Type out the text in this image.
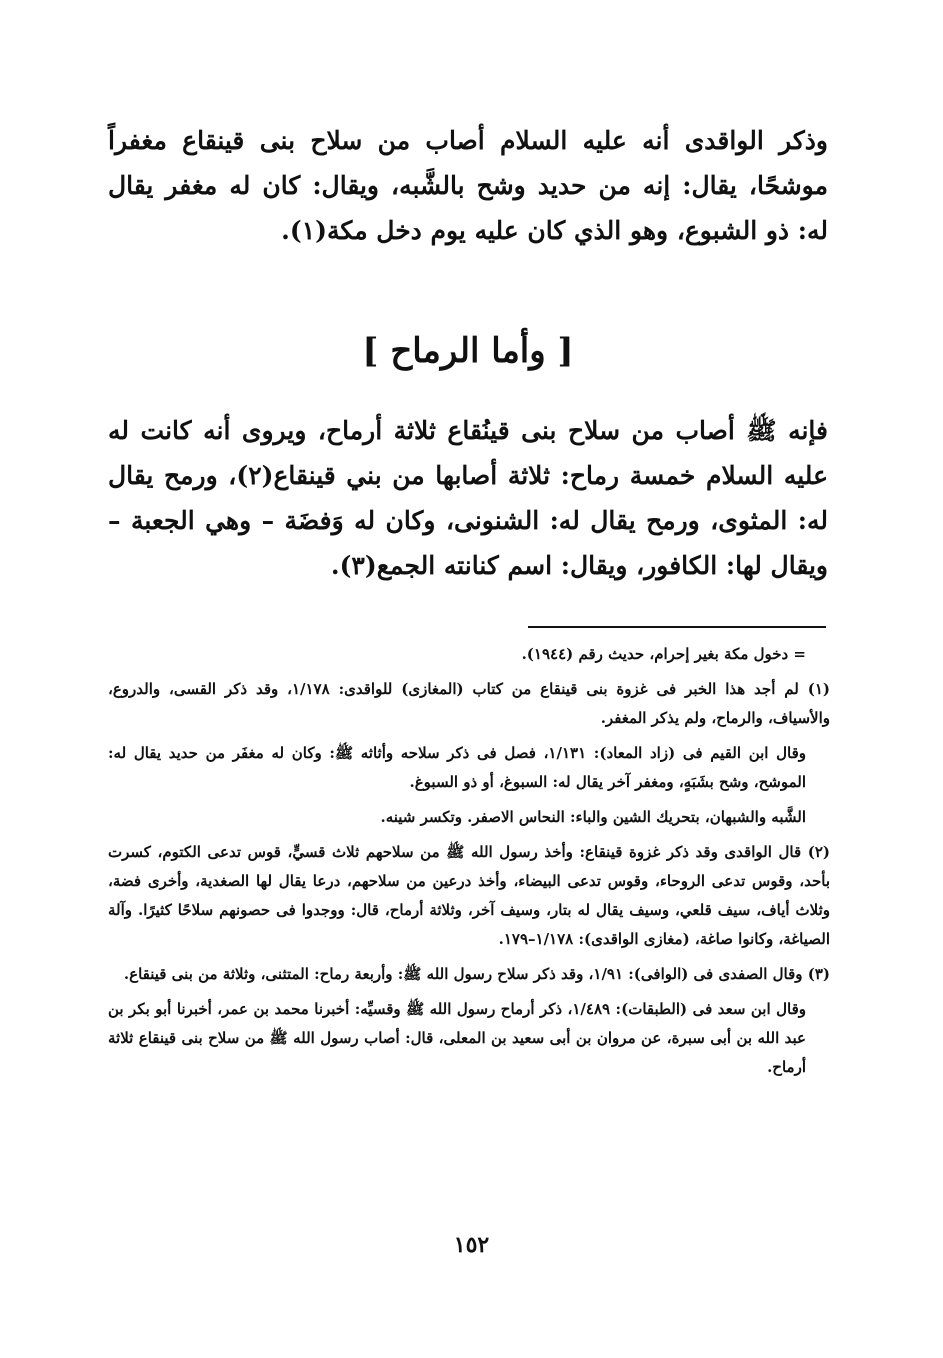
وذكر الواقدى أنه عليه السلام أصاب من سلاح بنى قينقاع مغفراً موشحًا، يقال: إنه من حديد وشح بالشَّبه، ويقال: كان له مغفر يقال له: ذو الشبوع، وهو الذي كان عليه يوم دخل مكة(١).

[ وأما الرماح ]

فإنه ﷺ أصاب من سلاح بنى قينُقاع ثلاثة أرماح، ويروى أنه كانت له عليه السلام خمسة رماح: ثلاثة أصابها من بني قينقاع(٢)، ورمح يقال له: المثوى، ورمح يقال له: الشنونى، وكان له وَفضَة – وهي الجعبة – ويقال لها: الكافور، ويقال: اسم كنانته الجمع(٣).

= دخول مكة بغير إحرام، حديث رقم (١٩٤٤).

(١) لم أجد هذا الخبر فى غزوة بنى قينقاع من كتاب (المغازى) للواقدى: ١/١٧٨، وقد ذكر القسى، والدروع، والأسياف، والرماح، ولم يذكر المغفر.

وقال ابن القيم فى (زاد المعاد): ١/١٣١، فصل فى ذكر سلاحه وأثاثه ﷺ: وكان له مغفَر من حديد يقال له: الموشح، وشح بشَبَهٍ، ومغفر آخر يقال له: السبوغ، أو ذو السبوغ.

الشَّبه والشبهان، بتحريك الشين والباء: النحاس الاصفر. وتكسر شينه.

(٢) قال الواقدى وقد ذكر غزوة قينقاع: وأخذ رسول الله ﷺ من سلاحهم ثلاث قسيٍّ، قوس تدعى الكتوم، كسرت بأحد، وقوس تدعى الروحاء، وقوس تدعى البيضاء، وأخذ درعين من سلاحهم، درعا يقال لها الصغدية، وأخرى فضة، وثلاث أياف، سيف قلعي، وسيف يقال له بتار، وسيف آخر، وثلاثة أرماح، قال: ووجدوا فى حصونهم سلاحًا كثيرًا. وآلة الصياغة، وكانوا صاغة، (مغازى الواقدى): ١/١٧٨–١٧٩.

(٣) وقال الصفدى فى (الوافى): ١/٩١، وقد ذكر سلاح رسول الله ﷺ: وأربعة رماح: المتثنى، وثلاثة من بنى قينقاع.

وقال ابن سعد فى (الطبقات): ١/٤٨٩، ذكر أرماح رسول الله ﷺ وقسيِّه: أخبرنا محمد بن عمر، أخبرنا أبو بكر بن عبد الله بن أبى سبرة، عن مروان بن أبى سعيد بن المعلى، قال: أصاب رسول الله ﷺ من سلاح بنى قينقاع ثلاثة أرماح.

١٥٢
